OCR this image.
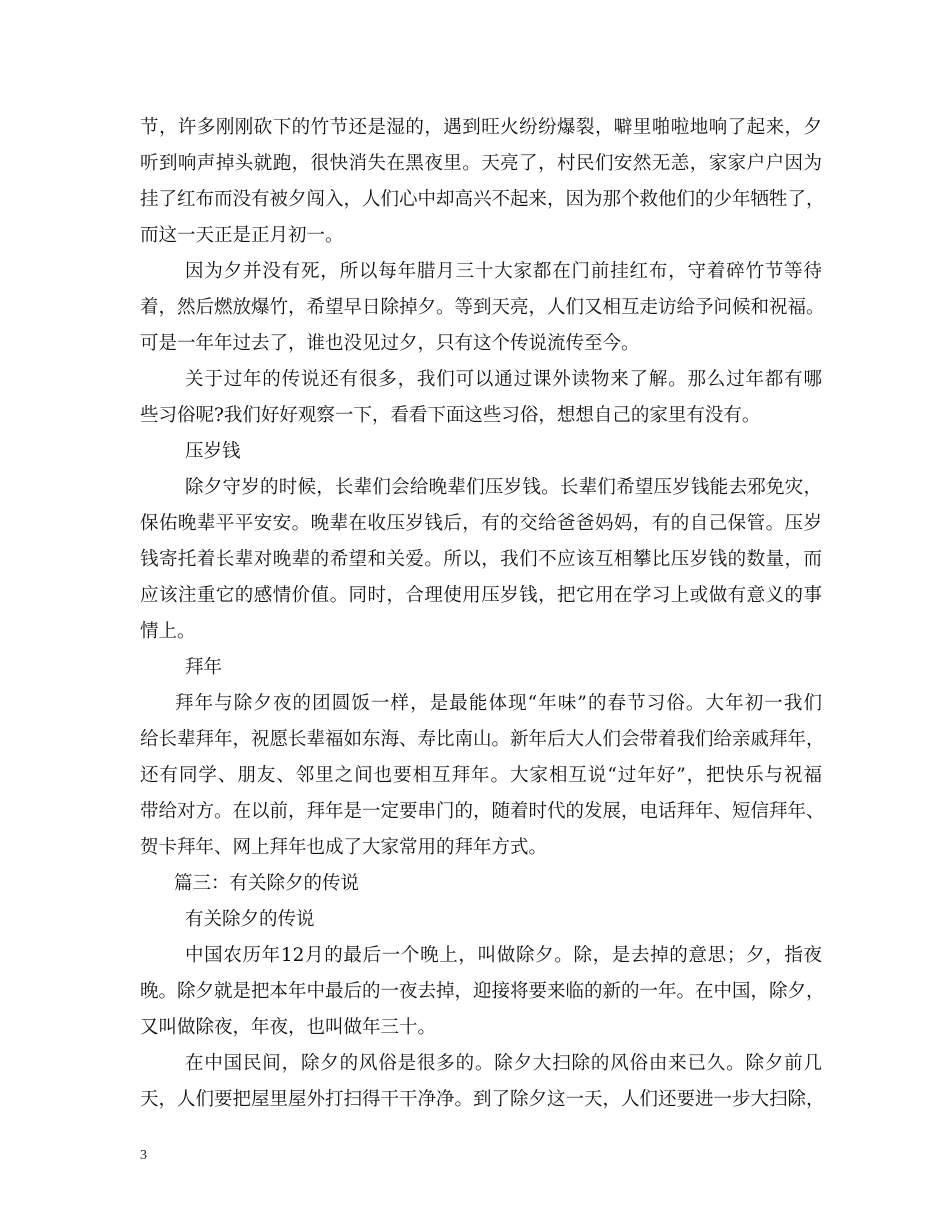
节，许多刚刚砍下的竹节还是湿的，遇到旺火纷纷爆裂，噼里啪啦地响了起来，夕
听到响声掉头就跑，很快消失在黑夜里。天亮了，村民们安然无恙，家家户户因为
挂了红布而没有被夕闯入，人们心中却高兴不起来，因为那个救他们的少年牺牲了，
而这一天正是正月初一。
因为夕并没有死，所以每年腊月三十大家都在门前挂红布，守着碎竹节等待
着，然后燃放爆竹，希望早日除掉夕。等到天亮，人们又相互走访给予问候和祝福。
可是一年年过去了，谁也没见过夕，只有这个传说流传至今。
关于过年的传说还有很多，我们可以通过课外读物来了解。那么过年都有哪
些习俗呢?我们好好观察一下，看看下面这些习俗，想想自己的家里有没有。
压岁钱
除夕守岁的时候，长辈们会给晚辈们压岁钱。长辈们希望压岁钱能去邪免灾，
保佑晚辈平平安安。晚辈在收压岁钱后，有的交给爸爸妈妈，有的自己保管。压岁
钱寄托着长辈对晚辈的希望和关爱。所以，我们不应该互相攀比压岁钱的数量，而
应该注重它的感情价值。同时，合理使用压岁钱，把它用在学习上或做有意义的事
情上。
拜年
拜年与除夕夜的团圆饭一样，是最能体现“年味”的春节习俗。大年初一我们
给长辈拜年，祝愿长辈福如东海、寿比南山。新年后大人们会带着我们给亲戚拜年，
还有同学、朋友、邻里之间也要相互拜年。大家相互说“过年好”，把快乐与祝福
带给对方。在以前，拜年是一定要串门的，随着时代的发展，电话拜年、短信拜年、
贺卡拜年、网上拜年也成了大家常用的拜年方式。
篇三：有关除夕的传说
有关除夕的传说
中国农历年12月的最后一个晚上，叫做除夕。除，是去掉的意思；夕，指夜
晚。除夕就是把本年中最后的一夜去掉，迎接将要来临的新的一年。在中国，除夕，
又叫做除夜，年夜，也叫做年三十。
在中国民间，除夕的风俗是很多的。除夕大扫除的风俗由来已久。除夕前几
天，人们要把屋里屋外打扫得干干净净。到了除夕这一天，人们还要进一步大扫除，
3
